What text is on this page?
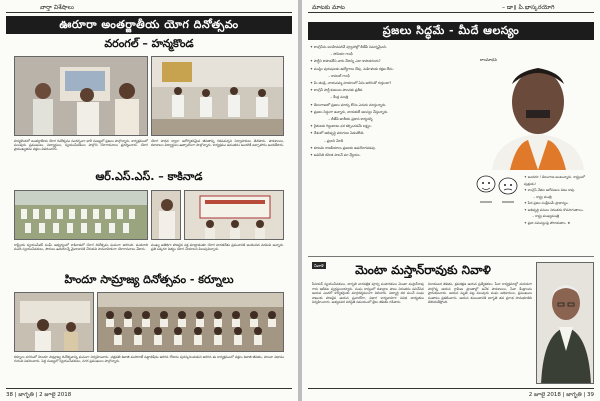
వార్తా విశేషాలు
ఊరూరా అంతర్జాతీయ యోగ దినోత్సవం
వరంగల్ – హన్మకొండ
హన్మకొండలో అంతర్జాతీయ యోగ దినోత్సవం సందర్భంగా భారీ సంఖ్యలో ప్రజలు పాల్గొన్నారు. కార్యక్రమంలో పలువురు ప్రముఖులు, విద్యార్థులు, స్వయంసేవకులు పాల్గొని యోగాసనాలు ప్రదర్శించారు. యోగ ప్రాముఖ్యతను వక్తలు వివరించారు.
యోగ సాధన ద్వారా ఆరోగ్యకరమైన జీవితాన్ని గడపవచ్చని నిర్వాహకులు తెలిపారు. పాఠశాలలు, కళాశాలల విద్యార్థులు ఉత్సాహంగా పాల్గొన్నారు. కార్యక్రమం అనంతరం అందరికీ అల్పాహారం అందజేశారు.
ఆర్.ఎస్.ఎస్. – కాకినాడ
రాష్ట్రీయ స్వయంసేవక్ సంఘ్ ఆధ్వర్యంలో కాకినాడలో యోగ దినోత్సవం ఘనంగా జరిగింది. వందలాది మంది స్వయంసేవకులు, పౌరులు ఉదయాన్నే మైదానానికి చేరుకుని సామూహికంగా యోగాసనాలు వేశారు.
ముఖ్య అతిథిగా హాజరైన వక్త మాట్లాడుతూ యోగ భారతదేశం ప్రపంచానికి అందించిన వరమని అన్నారు. ప్రతి ఒక్కరూ నిత్యం యోగ చేయాలని పిలుపునిచ్చారు.
హిందూ సామ్రాజ్య దినోత్సవం - కర్నూలు
కర్నూలు నగరంలో హిందూ సామ్రాజ్య దినోత్సవాన్ని ఘనంగా నిర్వహించారు. ఛత్రపతి శివాజీ మహారాజ్ పట్టాభిషేకం జరిగిన రోజును పురస్కరించుకుని జరిగిన ఈ కార్యక్రమంలో వక్తలు శివాజీ జీవితం, పాలనా విధానం గురించి వివరించారు. పెద్ద సంఖ్యలో స్వయంసేవకులు, నగర ప్రముఖులు పాల్గొన్నారు.
38 | జాగృతి | 2 జూలై 2018
మాటకు మాట	– డా॥ పి.భాస్కరయోగి
ప్రజలు సిద్ధమే - మీదే ఆలస్యం
✦ కాంగ్రెస్‌ను బలహీనపరిచే వ్యూహాల్లో బీజేపీ నిమగ్నమైంది.
– సోనియా గాంధీ
✦ పార్టీని కాపాడలేని వారు దేశాన్ని ఎలా కాపాడగలరు?
✦ ముస్లిం పురుషులకు ఉద్యోగాలు లేవు, మహిళలకు రక్షణ లేదు.
– రాహుల్ గాంధీ
✦ మీ తండ్రి, నాయనమ్మ హయాంలో ఏమి జరిగిందో గుర్తుందా?
✦ కాంగ్రెస్ పార్టీ కుటుంబ పాలనకు ప్రతీక.
– కేంద్ర మంత్రి
✦ తెలంగాణలో ప్రజలు మార్పు కోసం ఎదురు చూస్తున్నారు.
✦ ప్రజలు సిద్ధంగా ఉన్నారు, నాయకులే ఆలస్యం చేస్తున్నారు.
– బీజేపీ జాతీయ ప్రధాన కార్యదర్శి
✦ రైతులకు గిట్టుబాటు ధర కల్పించడమే లక్ష్యం.
✦ దేశంలో అభివృద్ధి పరుగులు పెడుతోంది.
– ప్రధాని మోదీ
✦ కూటమి రాజకీయాలు ప్రజలకు ఉపయోగపడవు.
✦ అవినీతి రహిత పాలనే మా ధ్యేయం.
రాంమాధవ్
✦ అందరూ ! తెలంగాణ అంటున్నారు. రాష్ట్రంలో
పుత్రుడు!
✦ కాంగ్రెస్ నేతల ఆరోపణలు నిజం కావు.
– రాష్ట్ర మంత్రి
✦ పేద ప్రజల సంక్షేమమే ప్రాధాన్యం.
✦ అభివృద్ధి పనులు నిరంతరం కొనసాగుతాయి.
– రాష్ట్ర ముఖ్యమంత్రి
✦ ప్రజా సమస్యలపై పోరాడుతాం. ★
నివాళి	మెంటా మస్తాన్‌రావుకు నివాళి
సీనియర్ స్వయంసేవకులు, జాగృతి వారపత్రిక పూర్వ సంపాదకులు మెంటా మస్తాన్‌రావు గారు ఇటీవల స్వర్గస్థులయ్యారు. సంఘ కార్యంలో దశాబ్దాల పాటు నిరంతరం పనిచేసిన ఆయన ఎందరో కార్యకర్తలకు మార్గదర్శకులుగా నిలిచారు. విద్యార్థి దశ నుంచే సంఘ శాఖలకు హాజరైన ఆయన ప్రచారక్‌గా, విభాగ కార్యవాహగా వివిధ బాధ్యతలు నిర్వహించారు. అత్యవసర పరిస్థితి సమయంలో జైలు జీవితం గడిపారు.
నిరాడంబర జీవితం, క్రమశిక్షణ ఆయన ప్రత్యేకతలు. సేవా కార్యక్రమాల్లో చురుకుగా పాల్గొన్న ఆయన గ్రామీణ ప్రాంతాల్లో అనేక పాఠశాలలు, సేవా కేంద్రాలను ప్రారంభించారు. ఆయన మృతి పట్ల పలువురు సంఘ అధికారులు, ప్రముఖులు సంతాపం ప్రకటించారు. ఆయన కుటుంబానికి జాగృతి తన ప్రగాఢ సానుభూతిని తెలియజేస్తోంది.
2 జూలై 2018 | జాగృతి | 39
